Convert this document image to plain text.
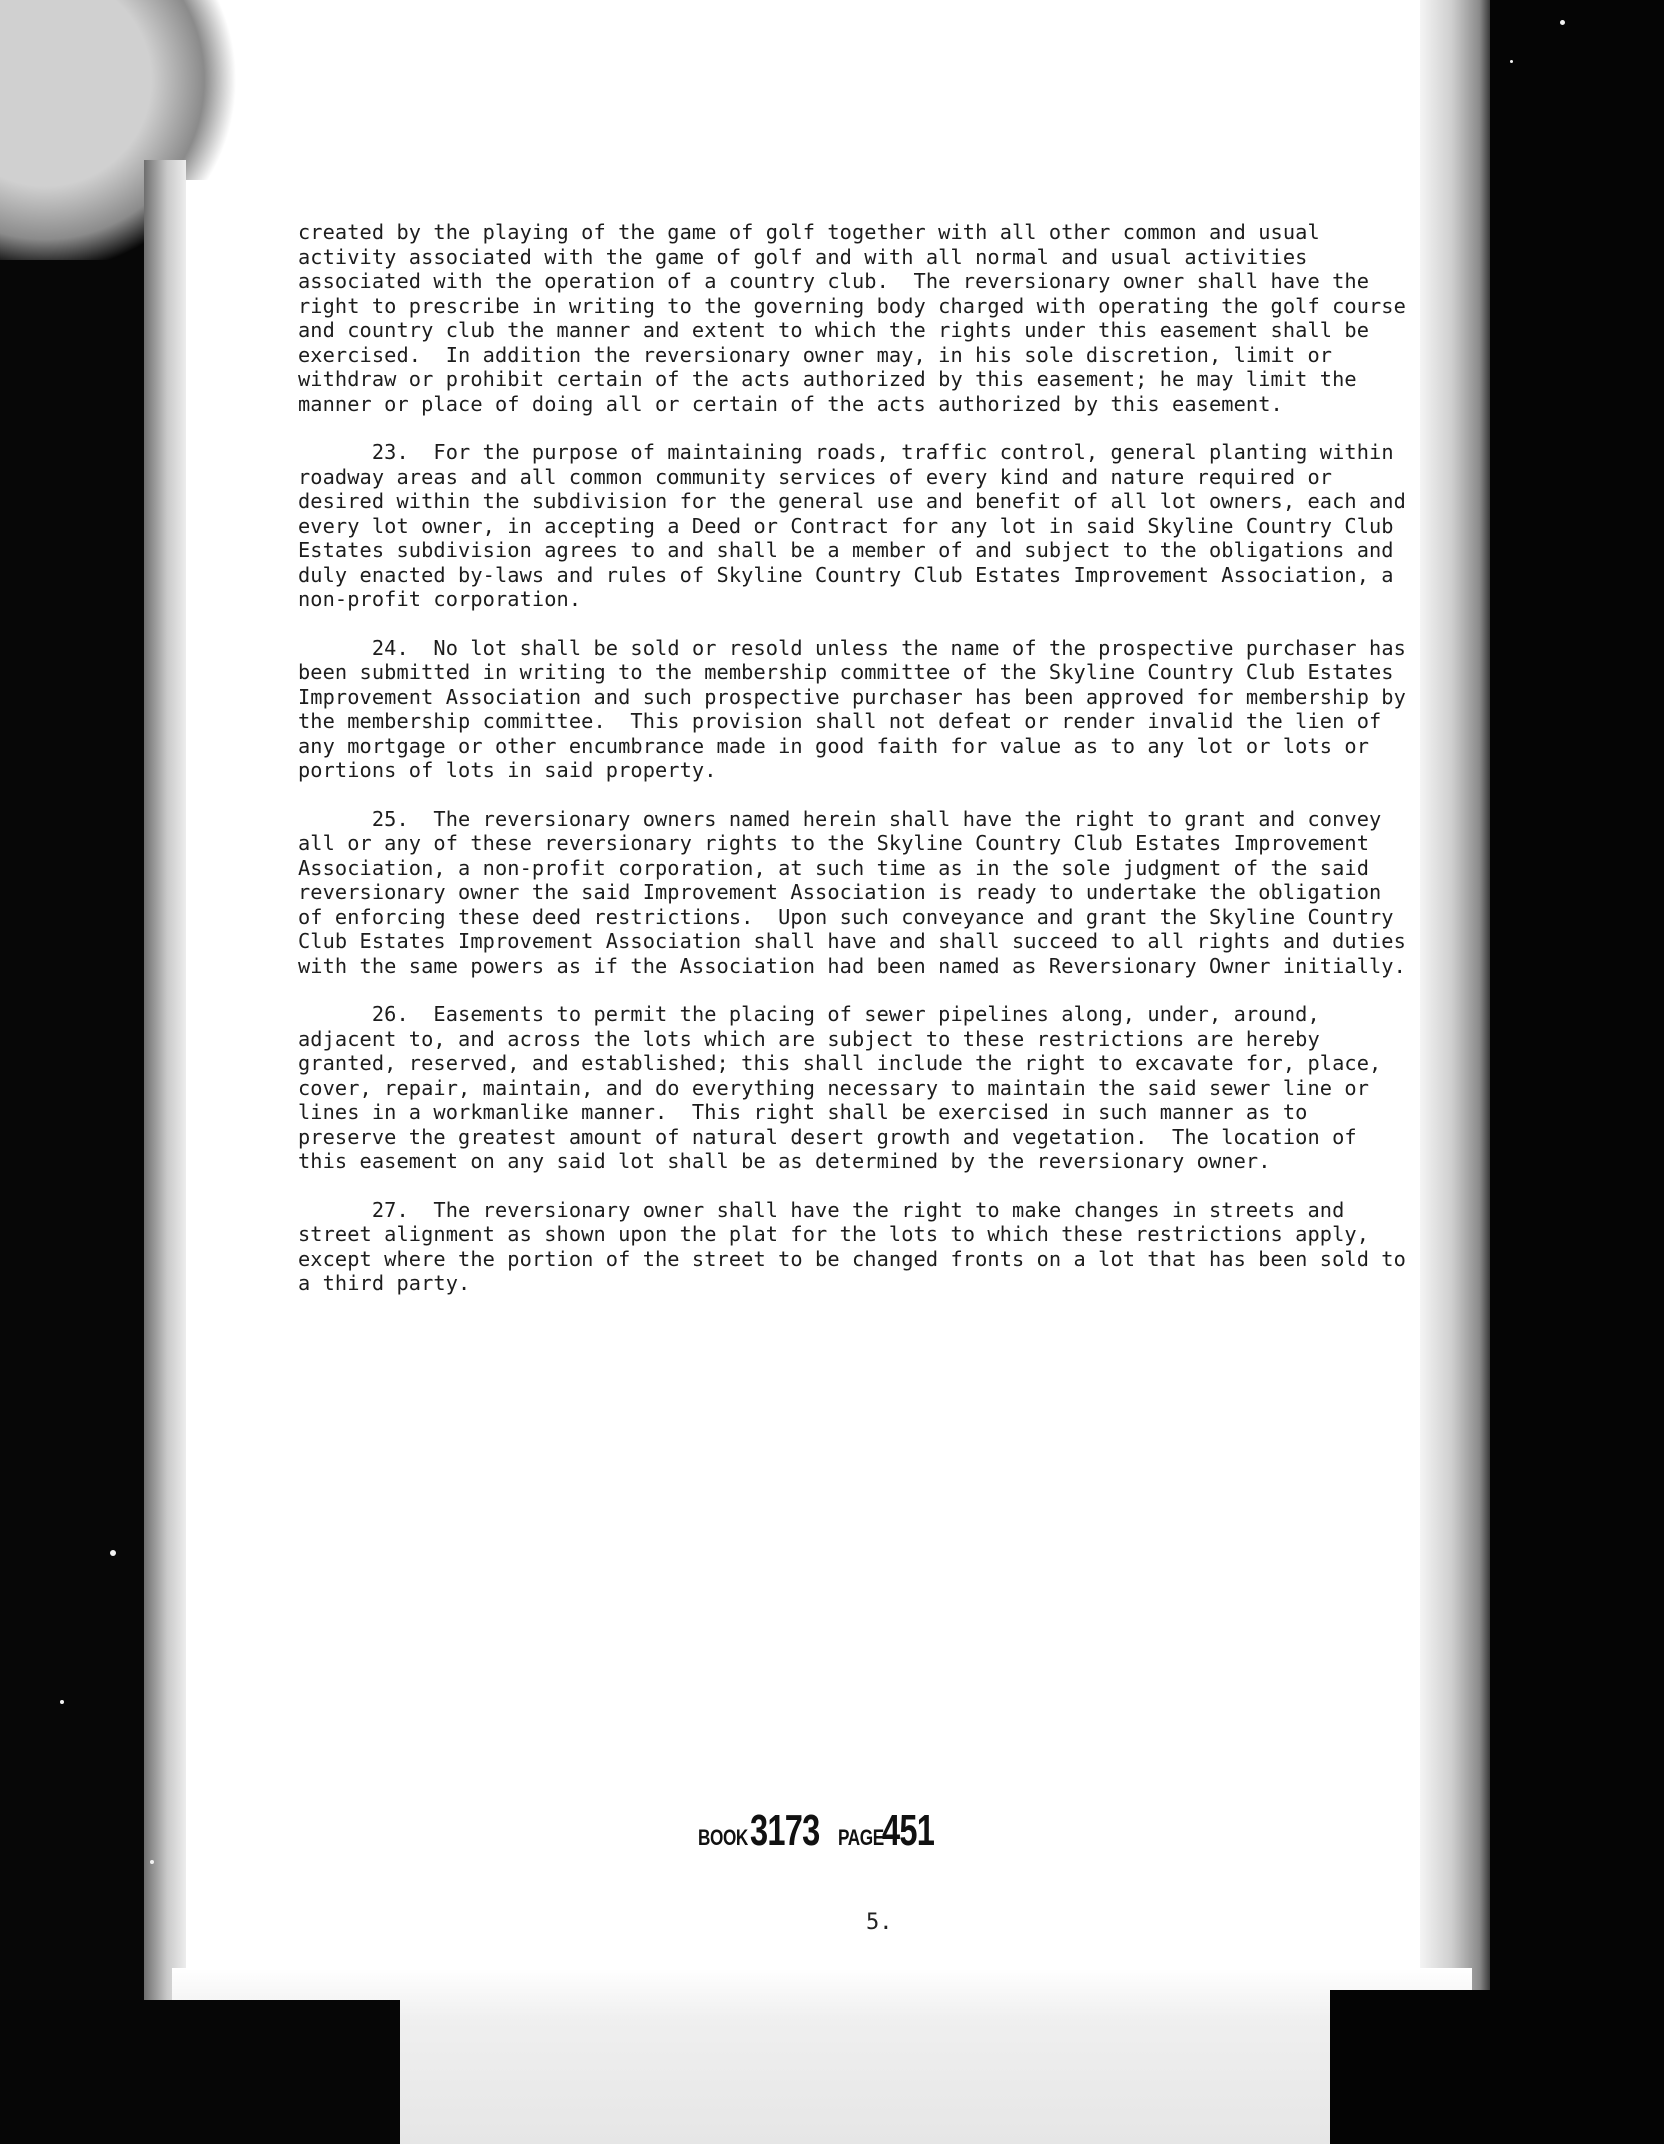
created by the playing of the game of golf together with all other common and usual activity associated with the game of golf and with all normal and usual activities associated with the operation of a country club.  The reversionary owner shall have the right to prescribe in writing to the governing body charged with operating the golf course and country club the manner and extent to which the rights under this easement shall be exercised.  In addition the reversionary owner may, in his sole discretion, limit or withdraw or prohibit certain of the acts authorized by this easement; he may limit the manner or place of doing all or certain of the acts authorized by this easement.

23.  For the purpose of maintaining roads, traffic control, general planting within roadway areas and all common community services of every kind and nature required or desired within the subdivision for the general use and benefit of all lot owners, each and every lot owner, in accepting a Deed or Contract for any lot in said Skyline Country Club Estates subdivision agrees to and shall be a member of and subject to the obligations and duly enacted by-laws and rules of Skyline Country Club Estates Improvement Association, a non-profit corporation.

24.  No lot shall be sold or resold unless the name of the prospective purchaser has been submitted in writing to the membership committee of the Skyline Country Club Estates Improvement Association and such prospective purchaser has been approved for membership by the membership committee.  This provision shall not defeat or render invalid the lien of any mortgage or other encumbrance made in good faith for value as to any lot or lots or portions of lots in said property.

25.  The reversionary owners named herein shall have the right to grant and convey all or any of these reversionary rights to the Skyline Country Club Estates Improvement Association, a non-profit corporation, at such time as in the sole judgment of the said reversionary owner the said Improvement Association is ready to undertake the obligation of enforcing these deed restrictions.  Upon such conveyance and grant the Skyline Country Club Estates Improvement Association shall have and shall succeed to all rights and duties with the same powers as if the Association had been named as Reversionary Owner initially.

26.  Easements to permit the placing of sewer pipelines along, under, around, adjacent to, and across the lots which are subject to these restrictions are hereby granted, reserved, and established; this shall include the right to excavate for, place, cover, repair, maintain, and do everything necessary to maintain the said sewer line or lines in a workmanlike manner.  This right shall be exercised in such manner as to preserve the greatest amount of natural desert growth and vegetation.  The location of this easement on any said lot shall be as determined by the reversionary owner.

27.  The reversionary owner shall have the right to make changes in streets and street alignment as shown upon the plat for the lots to which these restrictions apply, except where the portion of the street to be changed fronts on a lot that has been sold to a third party.

BOOK 3173 PAGE
451
5.
